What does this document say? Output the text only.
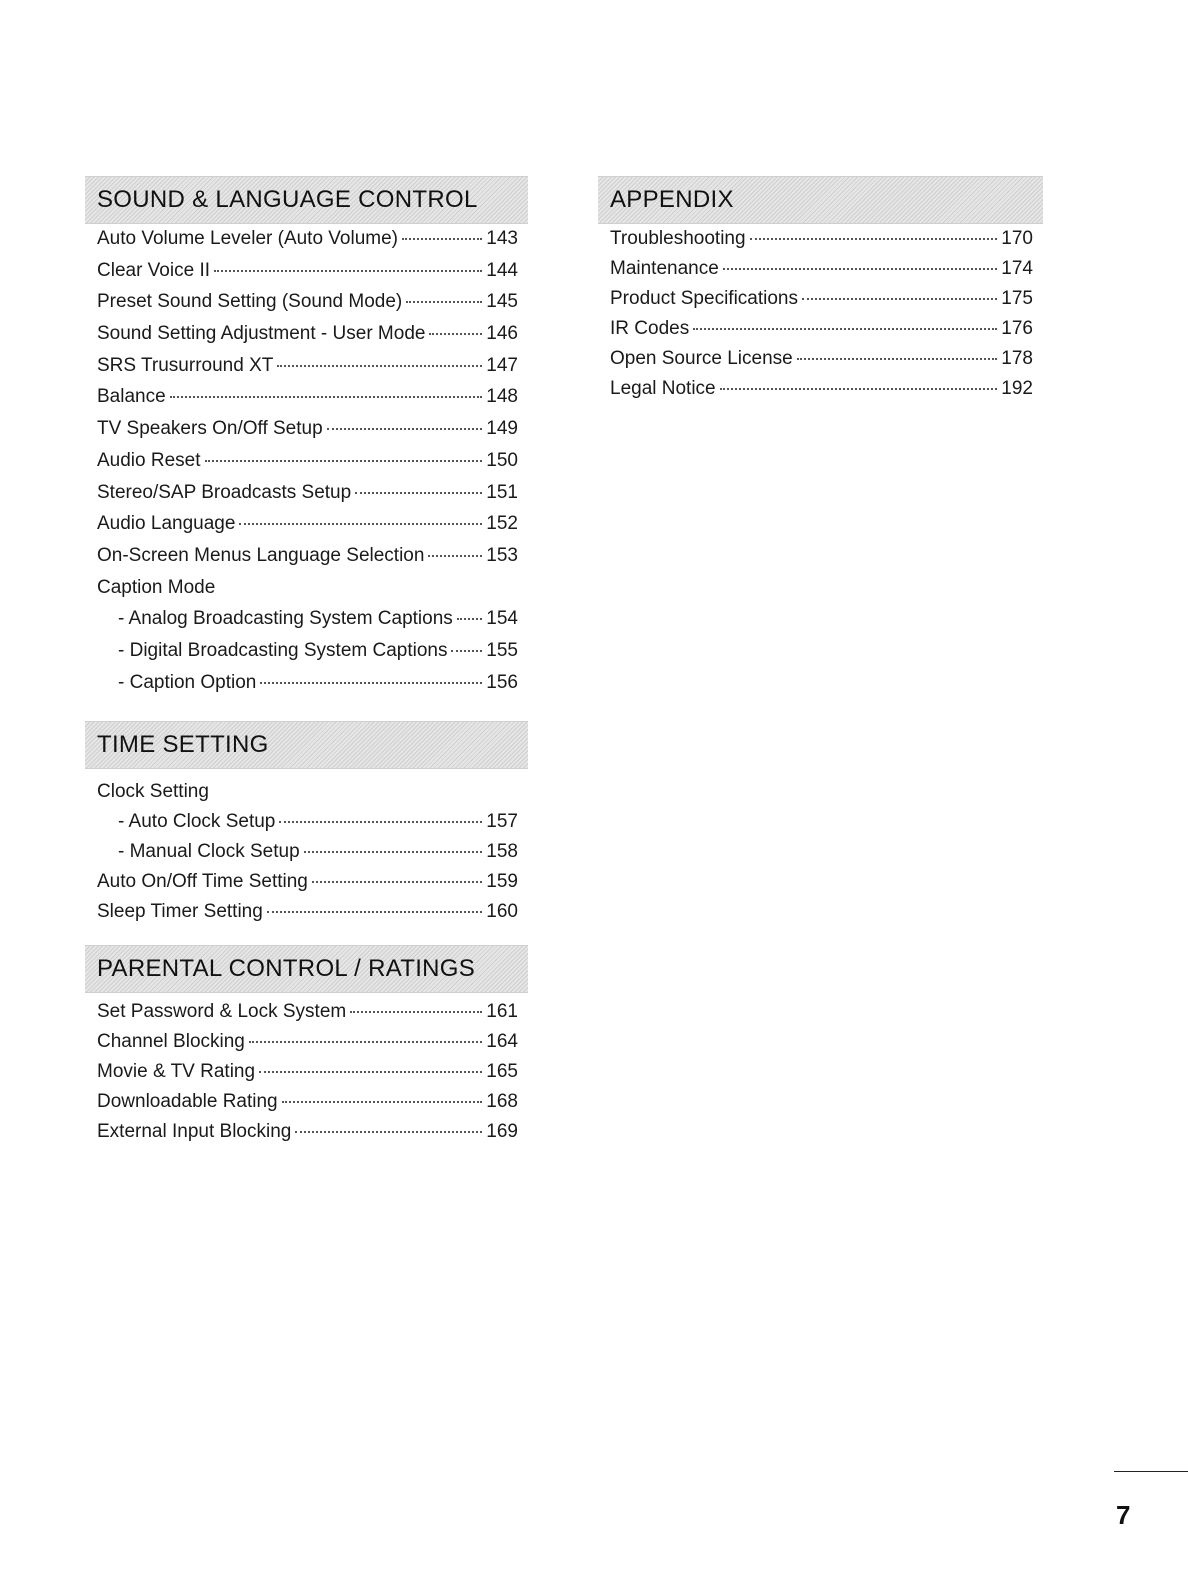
SOUND & LANGUAGE CONTROL
Auto Volume Leveler (Auto Volume)	143
Clear Voice II	144
Preset Sound Setting (Sound Mode)	145
Sound Setting Adjustment - User Mode	146
SRS Trusurround XT	147
Balance	148
TV Speakers On/Off Setup	149
Audio Reset	150
Stereo/SAP Broadcasts Setup	151
Audio Language	152
On-Screen Menus Language Selection	153
Caption Mode
- Analog Broadcasting System Captions 154
- Digital Broadcasting System Captions 155
- Caption Option	156
TIME SETTING
Clock Setting
- Auto Clock Setup	157
- Manual Clock Setup	158
Auto On/Off Time Setting	159
Sleep Timer Setting	160
PARENTAL CONTROL / RATINGS
Set Password & Lock System	161
Channel Blocking	164
Movie & TV Rating	165
Downloadable Rating	168
External Input Blocking	169
APPENDIX
Troubleshooting	170
Maintenance	174
Product Specifications	175
IR Codes	176
Open Source License	178
Legal Notice	192
7
